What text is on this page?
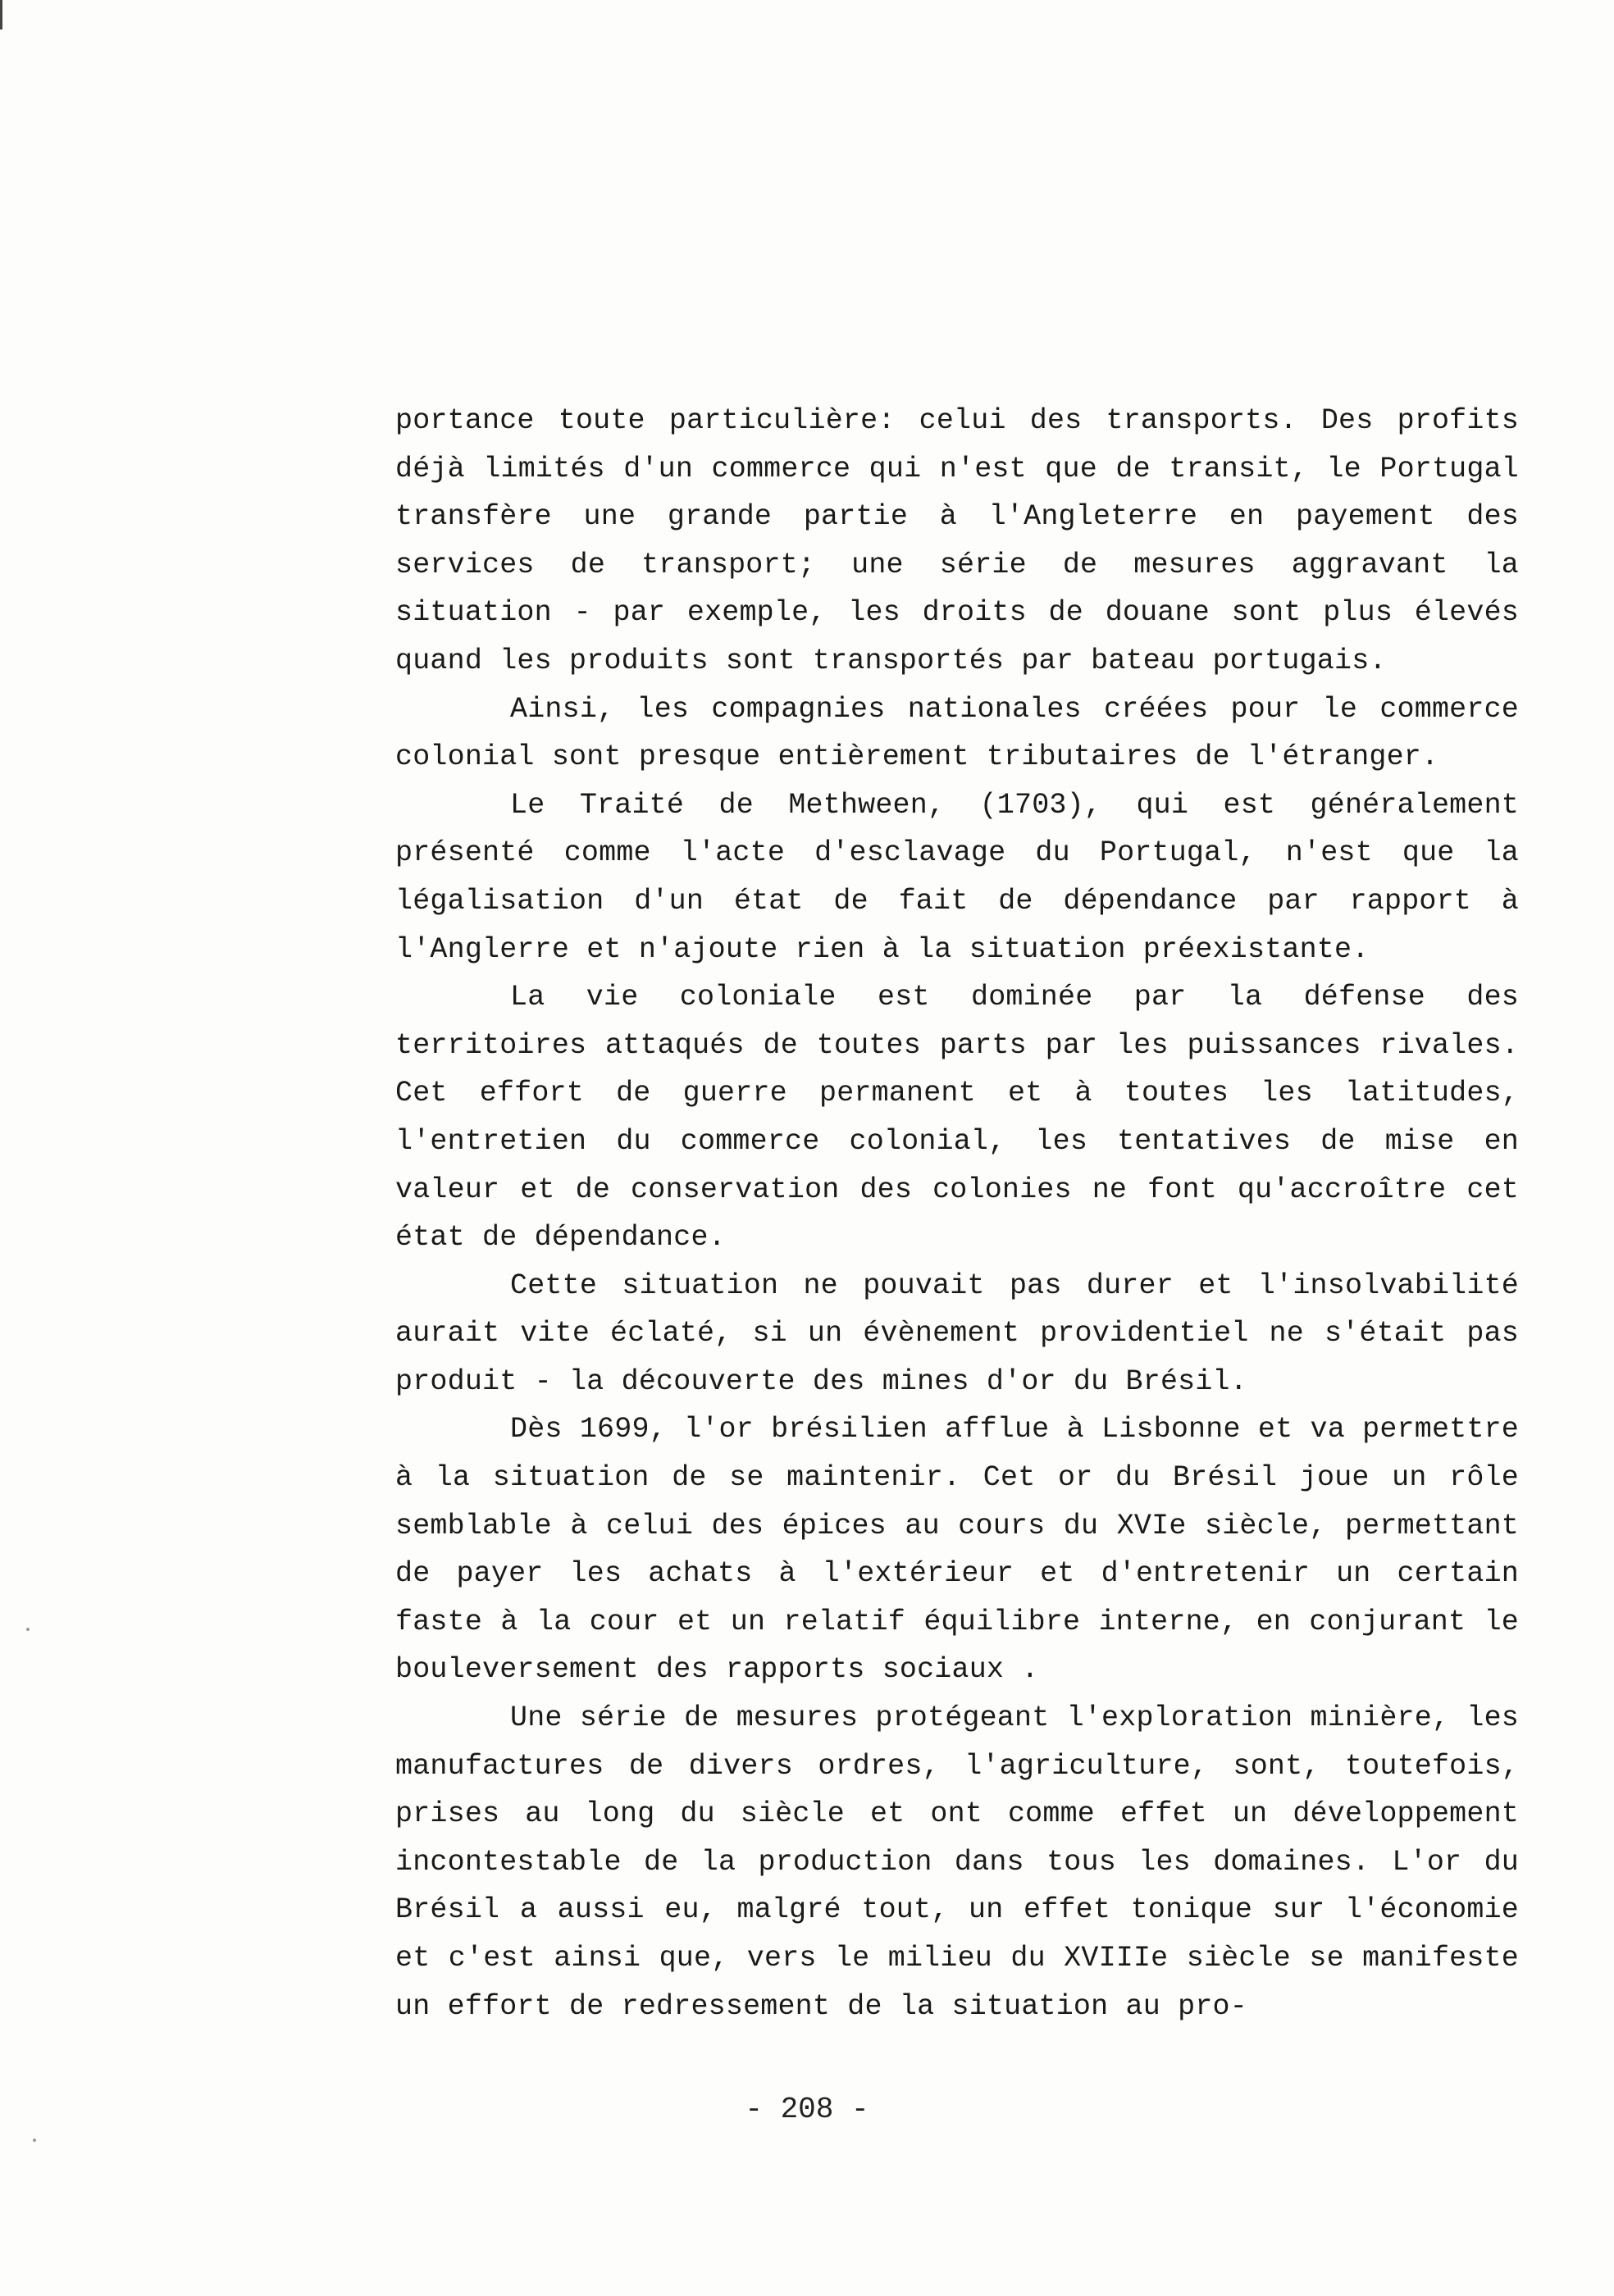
portance toute particulière: celui des transports. Des profits déjà limités d'un commerce qui n'est que de transit, le Portugal transfère une grande partie à l'Angleterre en payement des services de transport; une série de mesures aggravant la situation - par exemple, les droits de douane sont plus élevés quand les produits sont transportés par bateau portugais.

Ainsi, les compagnies nationales créées pour le commerce colonial sont presque entièrement tributaires de l'étranger.

Le Traité de Methween, (1703), qui est généralement présenté comme l'acte d'esclavage du Portugal, n'est que la légalisation d'un état de fait de dépendance par rapport à l'Anglerre et n'ajoute rien à la situation préexistante.

La vie coloniale est dominée par la défense des territoires attaqués de toutes parts par les puissances rivales. Cet effort de guerre permanent et à toutes les latitudes, l'entretien du commerce colonial, les tentatives de mise en valeur et de conservation des colonies ne font qu'accroître cet état de dépendance.

Cette situation ne pouvait pas durer et l'insolvabilité aurait vite éclaté, si un évènement providentiel ne s'était pas produit - la découverte des mines d'or du Brésil.

Dès 1699, l'or brésilien afflue à Lisbonne et va permettre à la situation de se maintenir. Cet or du Brésil joue un rôle semblable à celui des épices au cours du XVIe siècle, permettant de payer les achats à l'extérieur et d'entretenir un certain faste à la cour et un relatif équilibre interne, en conjurant le bouleversement des rapports sociaux .

Une série de mesures protégeant l'exploration minière, les manufactures de divers ordres, l'agriculture, sont, toutefois, prises au long du siècle et ont comme effet un développement incontestable de la production dans tous les domaines. L'or du Brésil a aussi eu, malgré tout, un effet tonique sur l'économie et c'est ainsi que, vers le milieu du XVIIIe siècle se manifeste un effort de redressement de la situation au pro-

- 208 -
